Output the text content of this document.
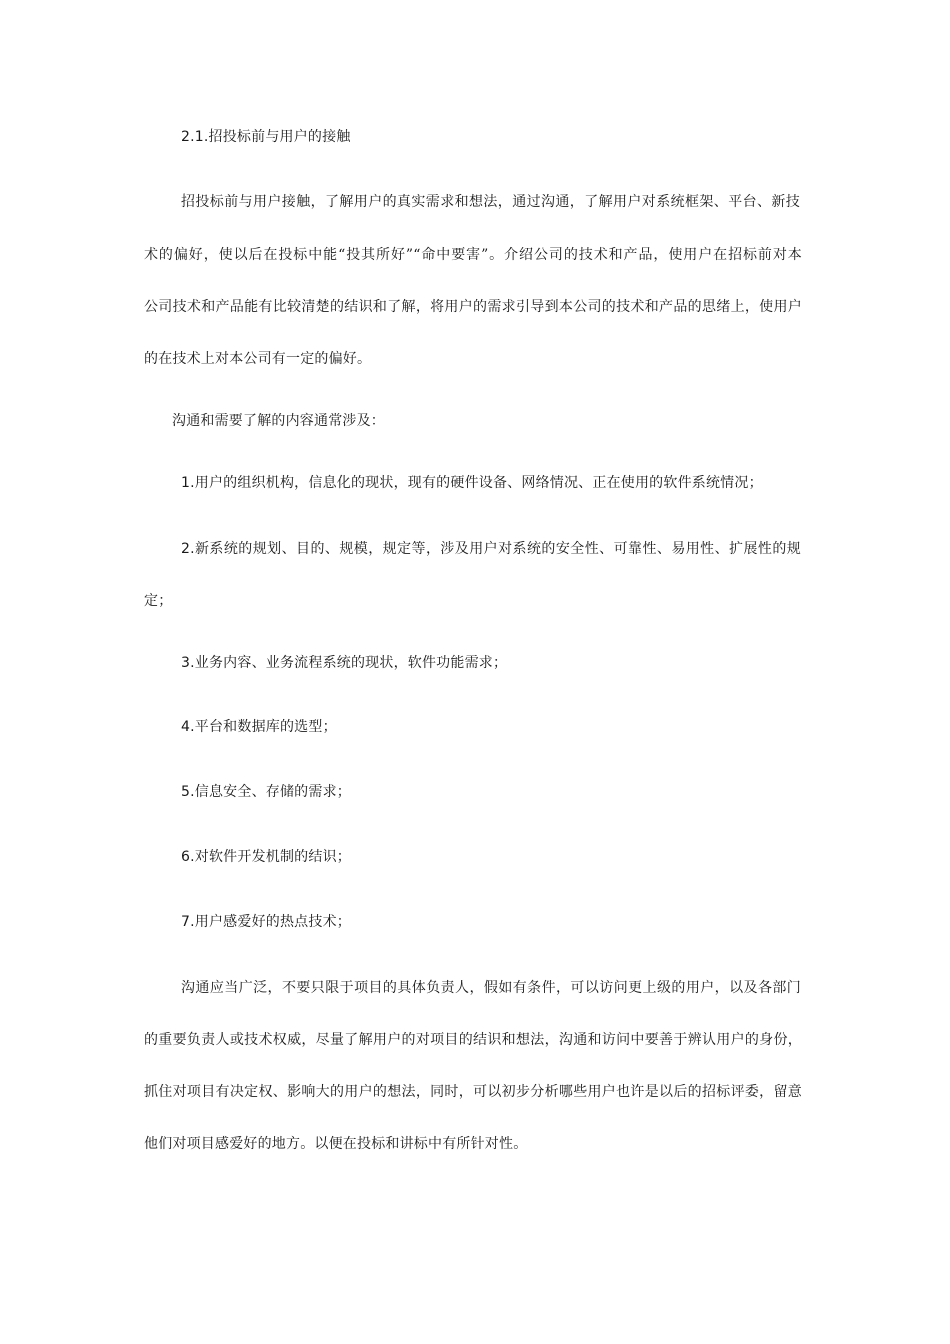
2.1.招投标前与用户的接触
招投标前与用户接触，了解用户的真实需求和想法，通过沟通，了解用户对系统框架、平台、新技
术的偏好，使以后在投标中能“投其所好”“命中要害”。介绍公司的技术和产品，使用户在招标前对本
公司技术和产品能有比较清楚的结识和了解，将用户的需求引导到本公司的技术和产品的思绪上，使用户
的在技术上对本公司有一定的偏好。
沟通和需要了解的内容通常涉及：
1.用户的组织机构，信息化的现状，现有的硬件设备、网络情况、正在使用的软件系统情况；
2.新系统的规划、目的、规模，规定等，涉及用户对系统的安全性、可靠性、易用性、扩展性的规
定；
3.业务内容、业务流程系统的现状，软件功能需求；
4.平台和数据库的选型；
5.信息安全、存储的需求；
6.对软件开发机制的结识；
7.用户感爱好的热点技术；
沟通应当广泛，不要只限于项目的具体负责人，假如有条件，可以访问更上级的用户，以及各部门
的重要负责人或技术权威，尽量了解用户的对项目的结识和想法，沟通和访问中要善于辨认用户的身份，
抓住对项目有决定权、影响大的用户的想法，同时，可以初步分析哪些用户也许是以后的招标评委，留意
他们对项目感爱好的地方。以便在投标和讲标中有所针对性。
